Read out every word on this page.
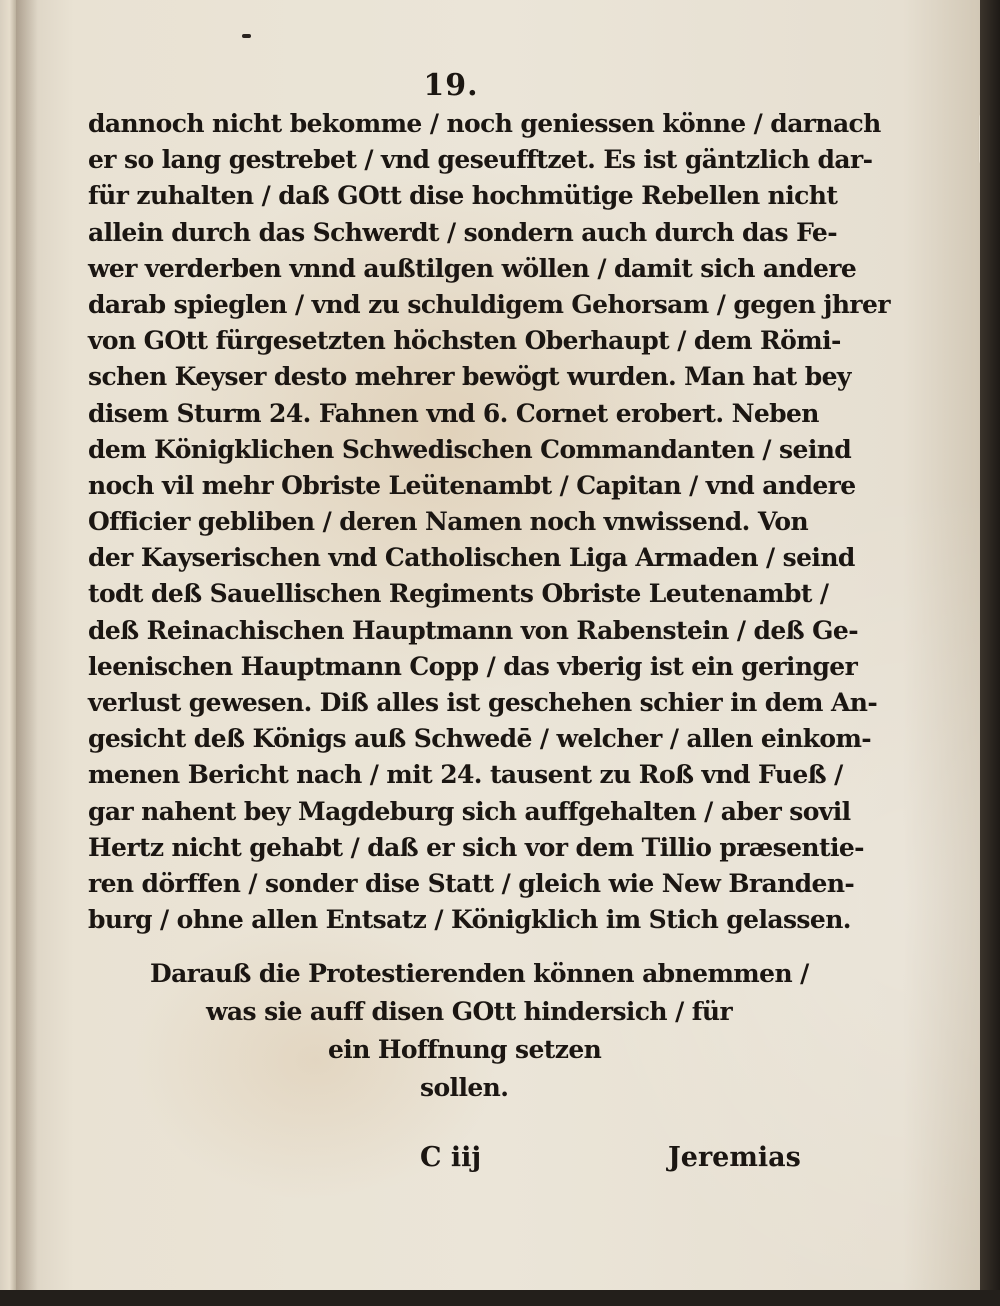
19.
dannoch nicht bekomme / noch geniessen könne / darnach
er so lang gestrebet / vnd geseufftzet. Es ist gäntzlich dar-
für zuhalten / daß GOtt dise hochmütige Rebellen nicht
allein durch das Schwerdt / sondern auch durch das Fe-
wer verderben vnnd außtilgen wöllen / damit sich andere
darab spieglen / vnd zu schuldigem Gehorsam / gegen jhrer
von GOtt fürgesetzten höchsten Oberhaupt / dem Römi-
schen Keyser desto mehrer bewögt wurden. Man hat bey
disem Sturm 24. Fahnen vnd 6. Cornet erobert. Neben
dem Königklichen Schwedischen Commandanten / seind
noch vil mehr Obriste Leütenambt / Capitan / vnd andere
Officier gebliben / deren Namen noch vnwissend. Von
der Kayserischen vnd Catholischen Liga Armaden / seind
todt deß Sauellischen Regiments Obriste Leutenambt /
deß Reinachischen Hauptmann von Rabenstein / deß Ge-
leenischen Hauptmann Copp / das vberig ist ein geringer
verlust gewesen. Diß alles ist geschehen schier in dem An-
gesicht deß Königs auß Schwedē / welcher / allen einkom-
menen Bericht nach / mit 24. tausent zu Roß vnd Fueß /
gar nahent bey Magdeburg sich auffgehalten / aber sovil
Hertz nicht gehabt / daß er sich vor dem Tillio præsentie-
ren dörffen / sonder dise Statt / gleich wie New Branden-
burg / ohne allen Entsatz / Königklich im Stich gelassen.
Darauß die Protestierenden können abnemmen /
was sie auff disen GOtt hindersich / für
ein Hoffnung setzen
sollen.
C iij	Jeremias
